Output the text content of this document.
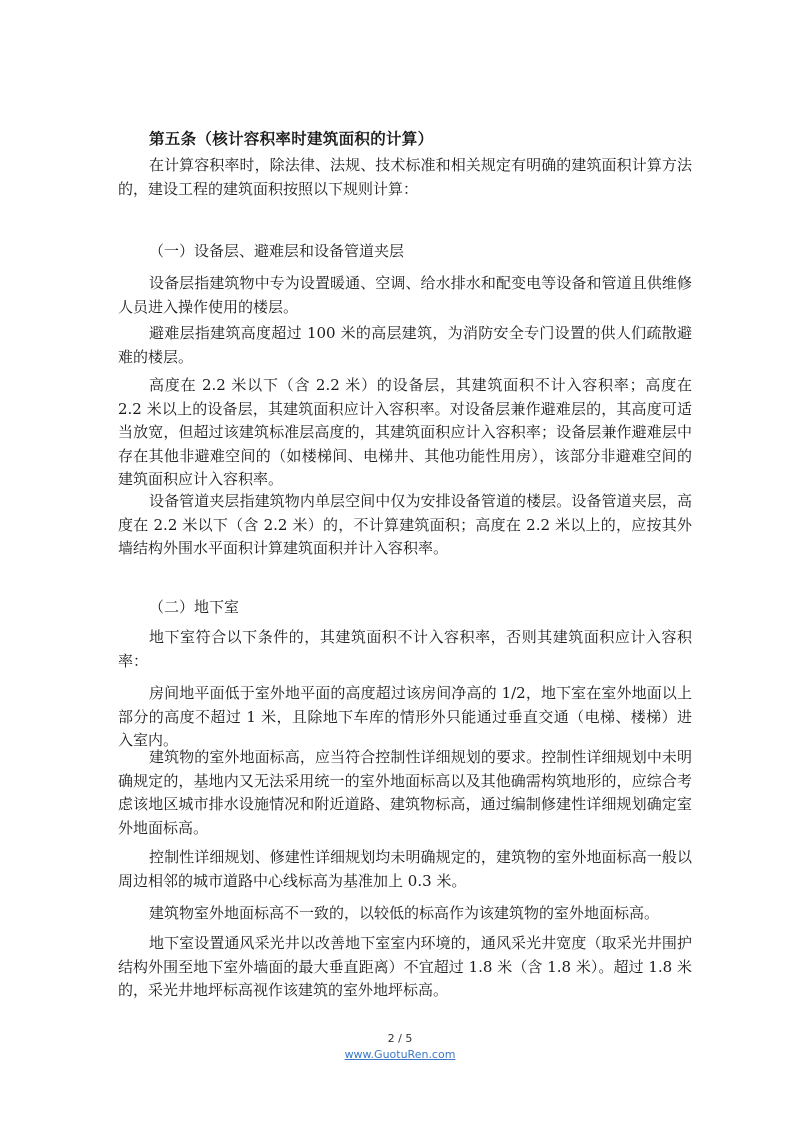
第五条（核计容积率时建筑面积的计算）

在计算容积率时，除法律、法规、技术标准和相关规定有明确的建筑面积计算方法的，建设工程的建筑面积按照以下规则计算：

（一）设备层、避难层和设备管道夹层

设备层指建筑物中专为设置暖通、空调、给水排水和配变电等设备和管道且供维修人员进入操作使用的楼层。

避难层指建筑高度超过 100 米的高层建筑，为消防安全专门设置的供人们疏散避难的楼层。

高度在 2.2 米以下（含 2.2 米）的设备层，其建筑面积不计入容积率；高度在 2.2 米以上的设备层，其建筑面积应计入容积率。对设备层兼作避难层的，其高度可适当放宽，但超过该建筑标准层高度的，其建筑面积应计入容积率；设备层兼作避难层中存在其他非避难空间的（如楼梯间、电梯井、其他功能性用房），该部分非避难空间的建筑面积应计入容积率。

设备管道夹层指建筑物内单层空间中仅为安排设备管道的楼层。设备管道夹层，高度在 2.2 米以下（含 2.2 米）的，不计算建筑面积；高度在 2.2 米以上的，应按其外墙结构外围水平面积计算建筑面积并计入容积率。

（二）地下室

地下室符合以下条件的，其建筑面积不计入容积率，否则其建筑面积应计入容积率：

房间地平面低于室外地平面的高度超过该房间净高的 1/2，地下室在室外地面以上部分的高度不超过 1 米，且除地下车库的情形外只能通过垂直交通（电梯、楼梯）进入室内。

建筑物的室外地面标高，应当符合控制性详细规划的要求。控制性详细规划中未明确规定的，基地内又无法采用统一的室外地面标高以及其他确需构筑地形的，应综合考虑该地区城市排水设施情况和附近道路、建筑物标高，通过编制修建性详细规划确定室外地面标高。

控制性详细规划、修建性详细规划均未明确规定的，建筑物的室外地面标高一般以周边相邻的城市道路中心线标高为基准加上 0.3 米。

建筑物室外地面标高不一致的，以较低的标高作为该建筑物的室外地面标高。

地下室设置通风采光井以改善地下室室内环境的，通风采光井宽度（取采光井围护结构外围至地下室外墙面的最大垂直距离）不宜超过 1.8 米（含 1.8 米）。超过 1.8 米的，采光井地坪标高视作该建筑的室外地坪标高。

2 / 5
www.GuotuRen.com
